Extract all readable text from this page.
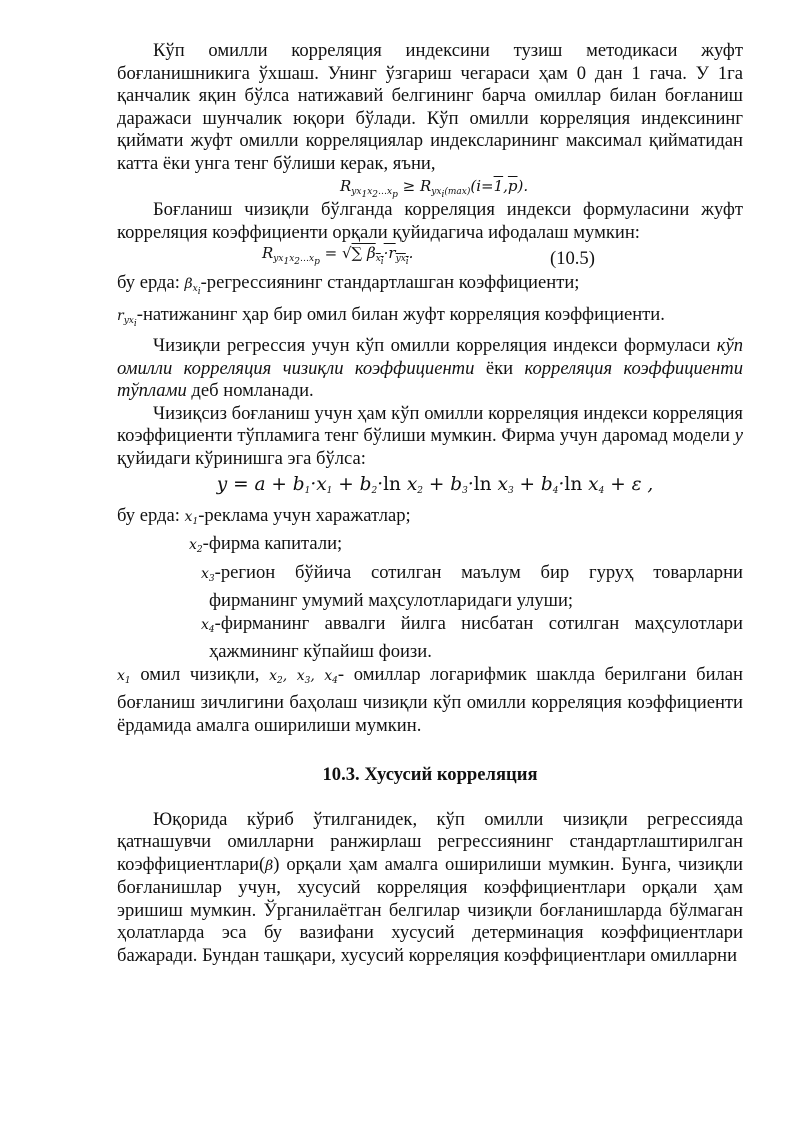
Кўп омилли корреляция индексини тузиш методикаси жуфт боғланишникига ўхшаш. Унинг ўзгариш чегараси ҳам 0 дан 1 гача. У 1га қанчалик яқин бўлса натижавий белгининг барча омиллар билан боғланиш даражаси шунчалик юқори бўлади. Кўп омилли корреляция индексининг қиймати жуфт омилли корреляциялар индексларининг максимал қийматидан катта ёки унга тенг бўлиши керак, яъни,

$R_{yx_1x_2\dots x_p} \ge R_{yx_i(max)}(i=1,\overline{p})$.

Боғланиш чизиқли бўлганда корреляция индекси формуласини жуфт корреляция коэффициенти орқали қуйидагича ифодалаш мумкин:

$R_{yx_1x_2\dots x_p}$ = √∑ $\beta_{x_i}\cdot r_{yx_i}$.	(10.5)

бу ерда: $\beta_{x_i}$-регрессиянинг стандартлашган коэффициенти;

$r_{yx_i}$-натижанинг ҳар бир омил билан жуфт корреляция коэффициенти.

Чизиқли регрессия учун кўп омилли корреляция индекси формуласи кўп омилли корреляция чизиқли коэффициенти ёки корреляция коэффициенти тўплами деб номланади.

Чизиқсиз боғланиш учун ҳам кўп омилли корреляция индекси корреляция коэффициенти тўпламига тенг бўлиши мумкин. Фирма учун даромад модели y қуйидаги кўринишга эга бўлса:

$y = a + b_1\cdot x_1 + b_2\cdot\ln$ $x_2 + b_3\cdot\ln$ $x_3 + b_4\cdot\ln$ $x_4 + \varepsilon$ ,

бу ерда: $x_1$-реклама учун харажатлар;

$x_2$-фирма капитали;

$x_3$-регион бўйича сотилган маълум бир гуруҳ товарларни фирманинг умумий маҳсулотларидаги улуши;

$x_4$-фирманинг аввалги йилга нисбатан сотилган маҳсулотлари ҳажмининг кўпайиш фоизи.

$x_1$ омил чизиқли, $x_2$, $x_3$, $x_4-$ омиллар логарифмик шаклда берилгани билан боғланиш зичлигини баҳолаш чизиқли кўп омилли корреляция коэффициенти ёрдамида амалга оширилиши мумкин.

10.3. Хусусий корреляция

Юқорида кўриб ўтилганидек, кўп омилли чизиқли регрессияда қатнашувчи омилларни ранжирлаш регрессиянинг стандартлаштирилган коэффициентлари(β) орқали ҳам амалга оширилиши мумкин. Бунга, чизиқли боғланишлар учун, хусусий корреляция коэффициентлари орқали ҳам эришиш мумкин. Ўрганилаётган белгилар чизиқли боғланишларда бўлмаган ҳолатларда эса бу вазифани хусусий детерминация коэффициентлари бажаради. Бундан ташқари, хусусий корреляция коэффициентлари омилларни
